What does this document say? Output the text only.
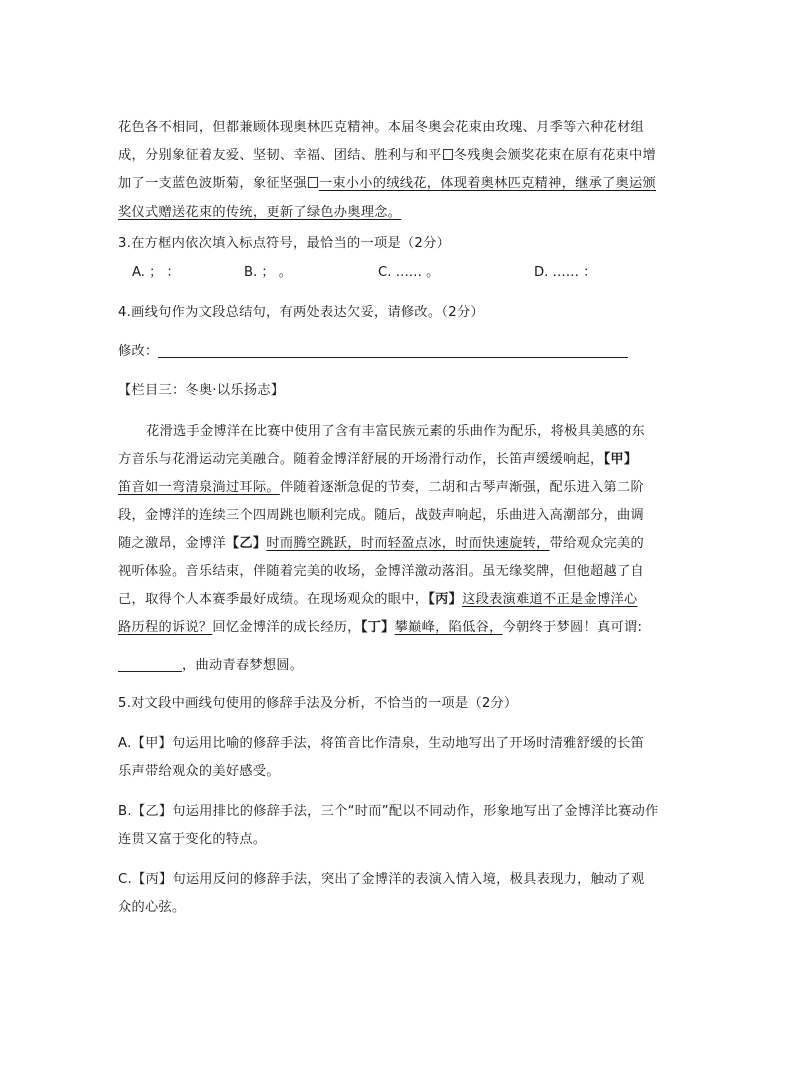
花色各不相同，但都兼顾体现奥林匹克精神。本届冬奥会花束由玫瑰、月季等六种花材组
成，分别象征着友爱、坚韧、幸福、团结、胜利与和平 冬残奥会颁奖花束在原有花束中增
加了一支蓝色波斯菊，象征坚强 一束小小的绒线花，体现着奥林匹克精神，继承了奥运颁
奖仪式赠送花束的传统，更新了绿色办奥理念。
3.在方框内依次填入标点符号，最恰当的一项是（2分）
A. ； ：	B. ； 。	C. …… 。	D. …… ：
4.画线句作为文段总结句，有两处表达欠妥，请修改。（2分）
修改：
【栏目三：冬奥·以乐扬志】
花滑选手金博洋在比赛中使用了含有丰富民族元素的乐曲作为配乐，将极具美感的东
方音乐与花滑运动完美融合。随着金博洋舒展的开场滑行动作，长笛声缓缓响起，【甲】
笛音如一弯清泉淌过耳际。伴随着逐渐急促的节奏，二胡和古琴声渐强，配乐进入第二阶
段，金博洋的连续三个四周跳也顺利完成。随后，战鼓声响起，乐曲进入高潮部分，曲调
随之激昂，金博洋【乙】时而腾空跳跃，时而轻盈点冰，时而快速旋转，带给观众完美的
视听体验。音乐结束，伴随着完美的收场，金博洋激动落泪。虽无缘奖牌，但他超越了自
己，取得个人本赛季最好成绩。在现场观众的眼中，【丙】这段表演难道不正是金博洋心
路历程的诉说？回忆金博洋的成长经历，【丁】攀巅峰，陷低谷，今朝终于梦圆！真可谓:
，曲动青春梦想圆。
5.对文段中画线句使用的修辞手法及分析，不恰当的一项是（2分）
A.【甲】句运用比喻的修辞手法，将笛音比作清泉，生动地写出了开场时清雅舒缓的长笛
乐声带给观众的美好感受。
B.【乙】句运用排比的修辞手法，三个“时而”配以不同动作，形象地写出了金博洋比赛动作
连贯又富于变化的特点。
C.【丙】句运用反问的修辞手法，突出了金博洋的表演入情入境，极具表现力，触动了观
众的心弦。
